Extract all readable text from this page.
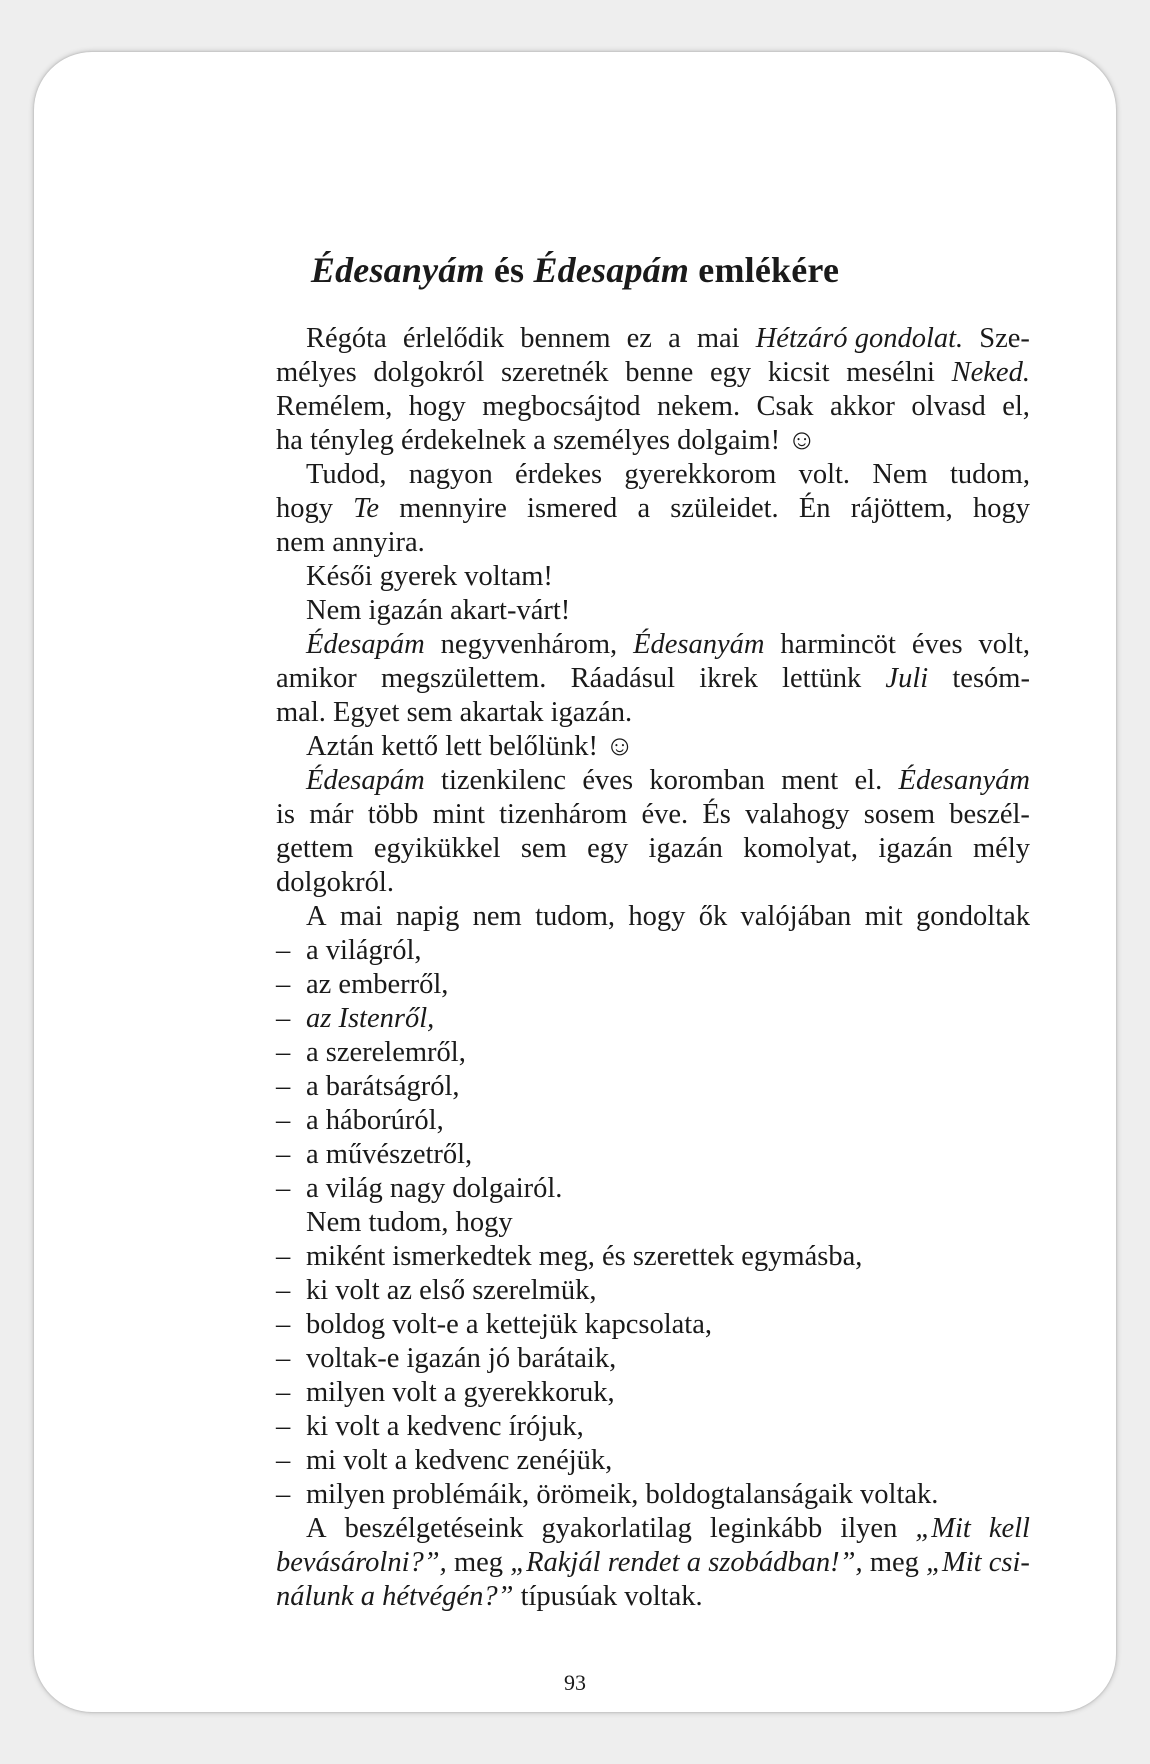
Édesanyám és Édesapám emlékére
Régóta érlelődik bennem ez a mai Hétzáró gondolat. Sze-
mélyes dolgokról szeretnék benne egy kicsit mesélni Neked.
Remélem, hogy megbocsájtod nekem. Csak akkor olvasd el,
ha tényleg érdekelnek a személyes dolgaim! ☺
Tudod, nagyon érdekes gyerekkorom volt. Nem tudom,
hogy Te mennyire ismered a szüleidet. Én rájöttem, hogy
nem annyira.
Késői gyerek voltam!
Nem igazán akart-várt!
Édesapám negyvenhárom, Édesanyám harmincöt éves volt,
amikor megszülettem. Ráadásul ikrek lettünk Juli tesóm-
mal. Egyet sem akartak igazán.
Aztán kettő lett belőlünk! ☺
Édesapám tizenkilenc éves koromban ment el. Édesanyám
is már több mint tizenhárom éve. És valahogy sosem beszél-
gettem egyikükkel sem egy igazán komolyat, igazán mély
dolgokról.
A mai napig nem tudom, hogy ők valójában mit gondoltak
– a világról,
– az emberről,
– az Istenről,
– a szerelemről,
– a barátságról,
– a háborúról,
– a művészetről,
– a világ nagy dolgairól.
Nem tudom, hogy
– miként ismerkedtek meg, és szerettek egymásba,
– ki volt az első szerelmük,
– boldog volt-e a kettejük kapcsolata,
– voltak-e igazán jó barátaik,
– milyen volt a gyerekkoruk,
– ki volt a kedvenc írójuk,
– mi volt a kedvenc zenéjük,
– milyen problémáik, örömeik, boldogtalanságaik voltak.
A beszélgetéseink gyakorlatilag leginkább ilyen „Mit kell
bevásárolni?”, meg „Rakjál rendet a szobádban!”, meg „Mit csi-
nálunk a hétvégén?” típusúak voltak.
93
